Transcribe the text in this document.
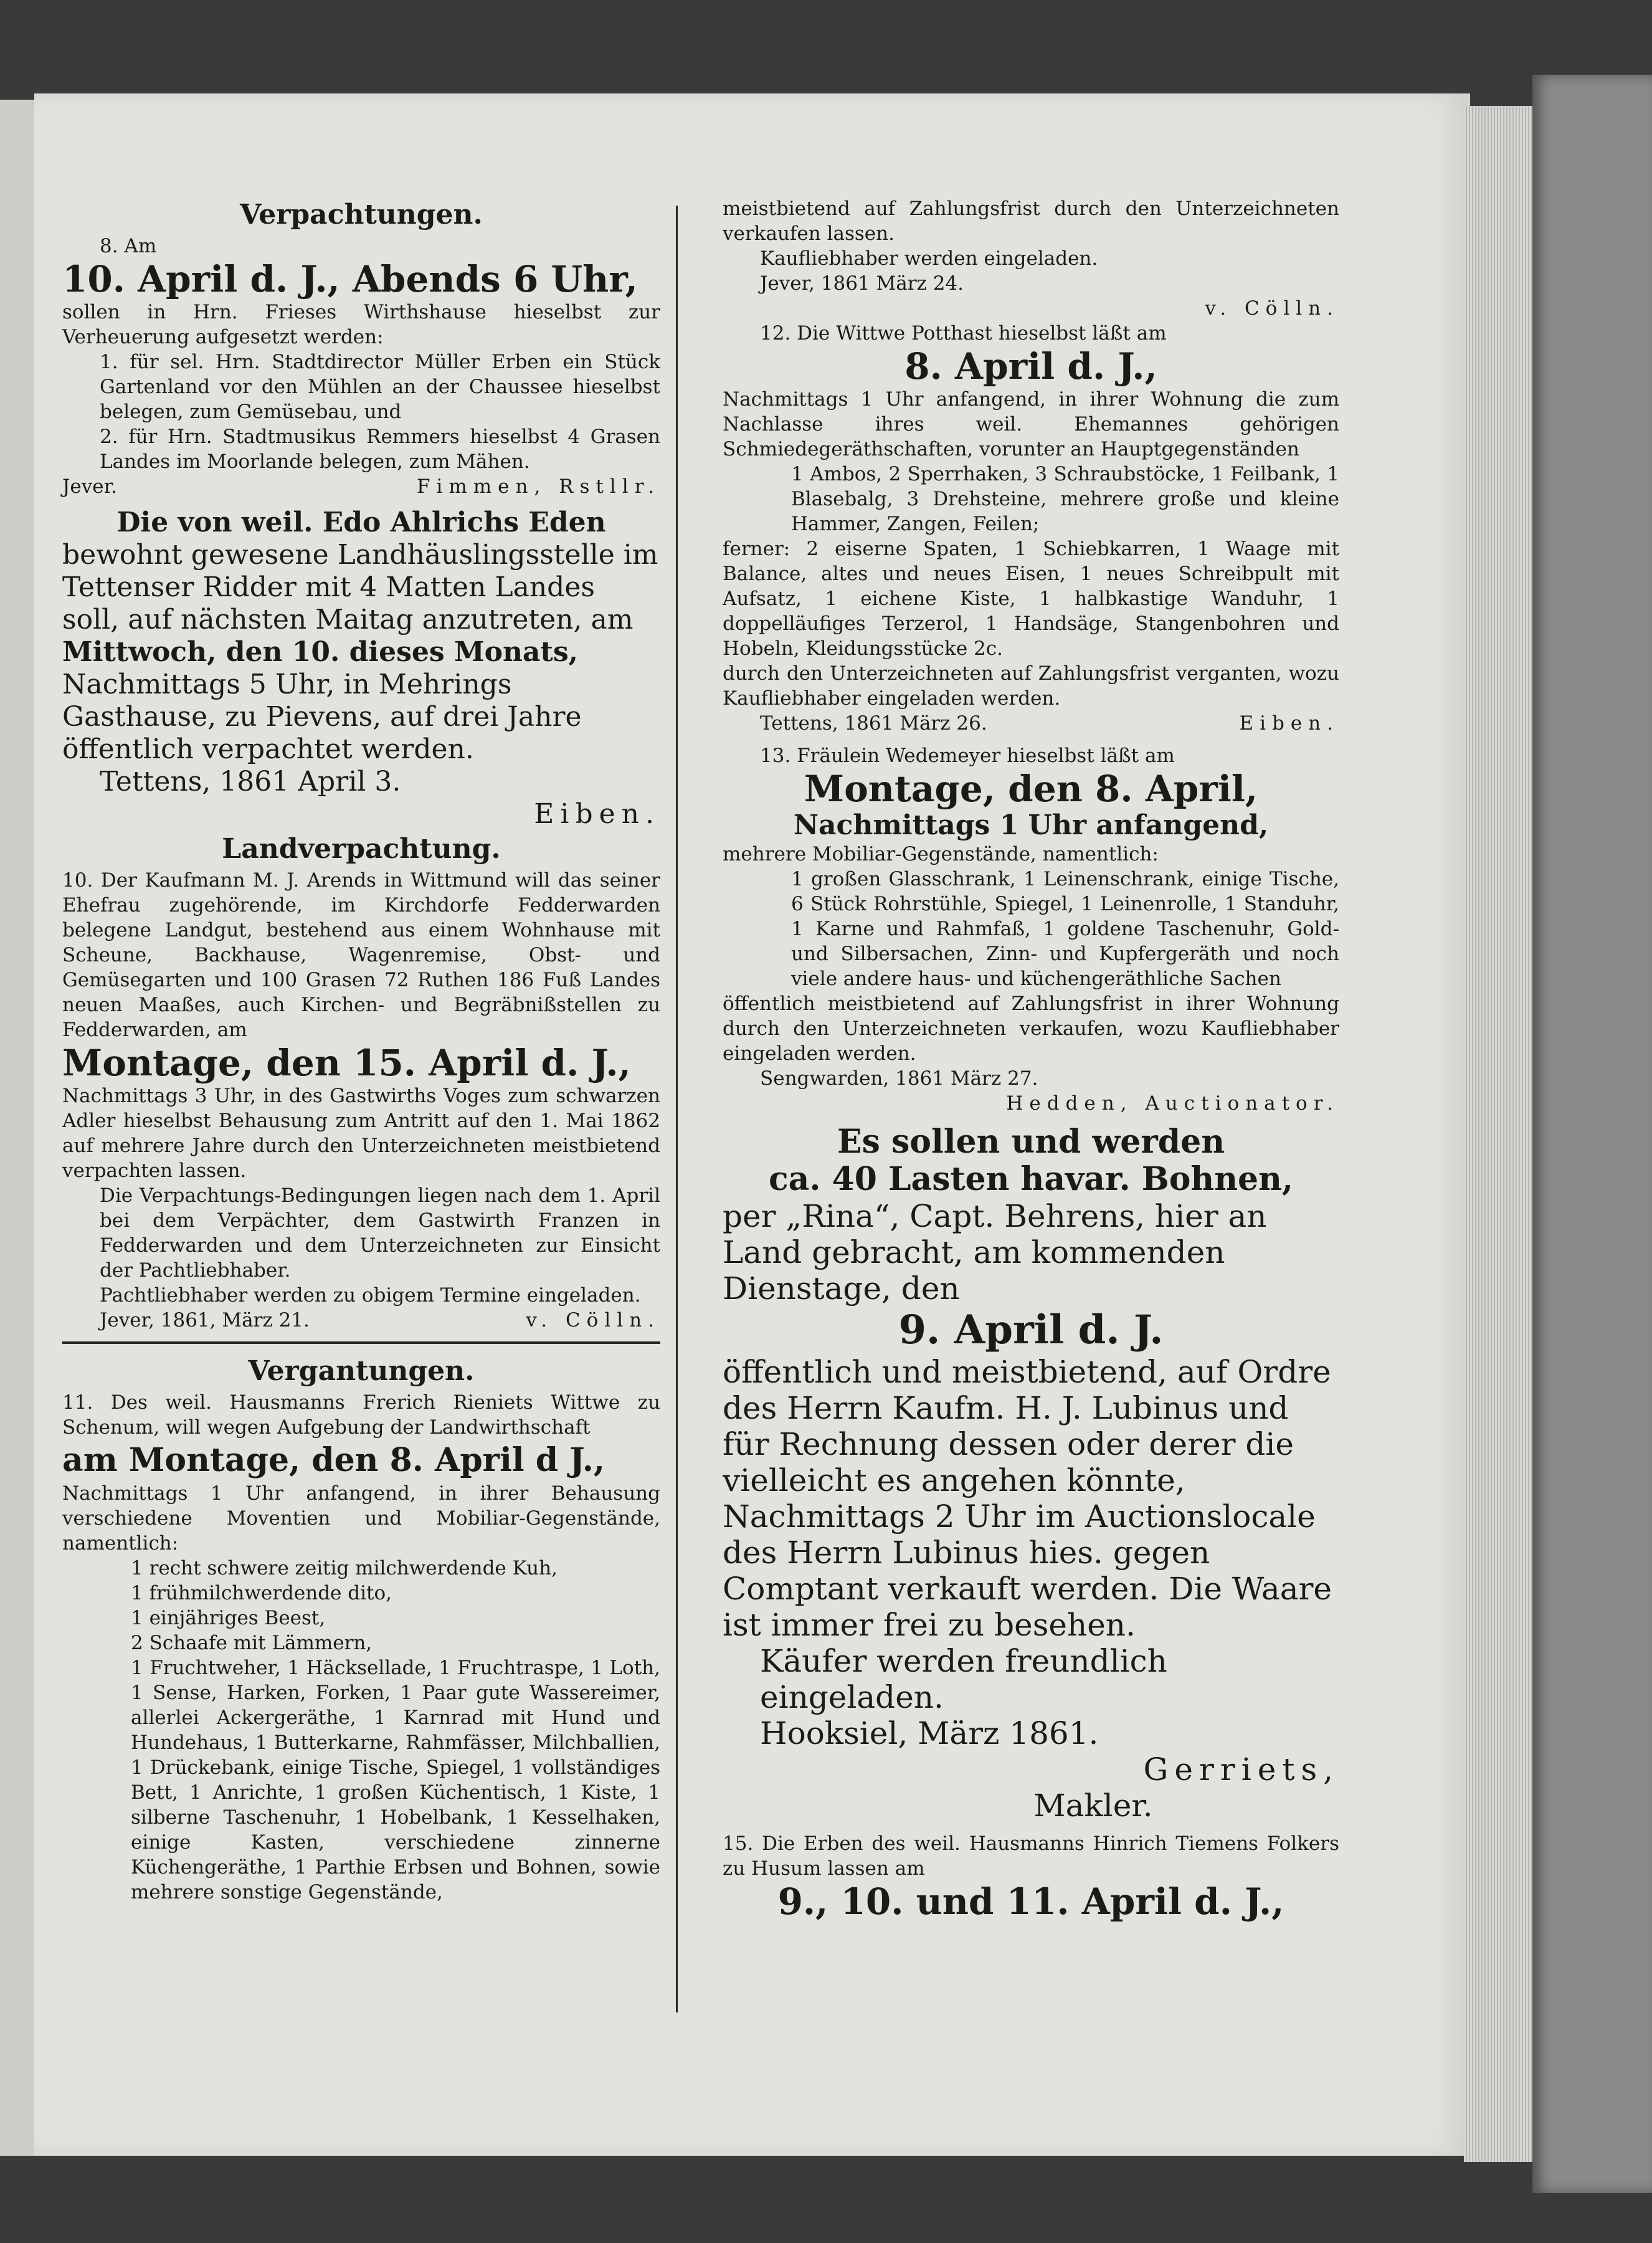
Verpachtungen.

8. Am

10. April d. J., Abends 6 Uhr,

sollen in Hrn. Frieses Wirthshause hieselbst zur Verheuerung aufgesetzt werden:

1. für sel. Hrn. Stadtdirector Müller Erben ein Stück Gartenland vor den Mühlen an der Chaussee hieselbst belegen, zum Gemüsebau, und

2. für Hrn. Stadtmusikus Remmers hieselbst 4 Grasen Landes im Moorlande belegen, zum Mähen.

Jever.	Fimmen, Rstllr.

Die von weil. Edo Ahlrichs Eden

bewohnt gewesene Landhäuslingsstelle im Tettenser Ridder mit 4 Matten Landes soll, auf nächsten Maitag anzutreten, am

Mittwoch, den 10. dieses Monats,

Nachmittags 5 Uhr, in Mehrings Gasthause, zu Pievens, auf drei Jahre öffentlich verpachtet werden.

Tettens, 1861 April 3.

Eiben.

Landverpachtung.

10. Der Kaufmann M. J. Arends in Wittmund will das seiner Ehefrau zugehörende, im Kirchdorfe Fedderwarden belegene Landgut, bestehend aus einem Wohnhause mit Scheune, Backhause, Wagenremise, Obst- und Gemüsegarten und 100 Grasen 72 Ruthen 186 Fuß Landes neuen Maaßes, auch Kirchen- und Begräbnißstellen zu Fedderwarden, am

Montage, den 15. April d. J.,

Nachmittags 3 Uhr, in des Gastwirths Voges zum schwarzen Adler hieselbst Behausung zum Antritt auf den 1. Mai 1862 auf mehrere Jahre durch den Unterzeichneten meistbietend verpachten lassen.

Die Verpachtungs-Bedingungen liegen nach dem 1. April bei dem Verpächter, dem Gastwirth Franzen in Fedderwarden und dem Unterzeichneten zur Einsicht der Pachtliebhaber.

Pachtliebhaber werden zu obigem Termine eingeladen.

Jever, 1861, März 21.	v. Cölln.

Vergantungen.

11. Des weil. Hausmanns Frerich Rieniets Wittwe zu Schenum, will wegen Aufgebung der Landwirthschaft

am Montage, den 8. April d J.,

Nachmittags 1 Uhr anfangend, in ihrer Behausung verschiedene Moventien und Mobiliar-Gegenstände, namentlich:

1 recht schwere zeitig milchwerdende Kuh,

1 frühmilchwerdende dito,

1 einjähriges Beest,

2 Schaafe mit Lämmern,

1 Fruchtweher, 1 Häcksellade, 1 Fruchtraspe, 1 Loth, 1 Sense, Harken, Forken, 1 Paar gute Wassereimer, allerlei Ackergeräthe, 1 Karnrad mit Hund und Hundehaus, 1 Butterkarne, Rahmfässer, Milchballien, 1 Drückebank, einige Tische, Spiegel, 1 vollständiges Bett, 1 Anrichte, 1 großen Küchentisch, 1 Kiste, 1 silberne Taschenuhr, 1 Hobelbank, 1 Kesselhaken, einige Kasten, verschiedene zinnerne Küchengeräthe, 1 Parthie Erbsen und Bohnen, sowie mehrere sonstige Gegenstände,

meistbietend auf Zahlungsfrist durch den Unterzeichneten verkaufen lassen.

Kaufliebhaber werden eingeladen.

Jever, 1861 März 24.

v. Cölln.

12. Die Wittwe Potthast hieselbst läßt am

8. April d. J.,

Nachmittags 1 Uhr anfangend, in ihrer Wohnung die zum Nachlasse ihres weil. Ehemannes gehörigen Schmiedegeräthschaften, vorunter an Hauptgegenständen

1 Ambos, 2 Sperrhaken, 3 Schraubstöcke, 1 Feilbank, 1 Blasebalg, 3 Drehsteine, mehrere große und kleine Hammer, Zangen, Feilen;

ferner: 2 eiserne Spaten, 1 Schiebkarren, 1 Waage mit Balance, altes und neues Eisen, 1 neues Schreibpult mit Aufsatz, 1 eichene Kiste, 1 halbkastige Wanduhr, 1 doppelläufiges Terzerol, 1 Handsäge, Stangenbohren und Hobeln, Kleidungsstücke 2c.

durch den Unterzeichneten auf Zahlungsfrist verganten, wozu Kaufliebhaber eingeladen werden.

Tettens, 1861 März 26.	Eiben.

13. Fräulein Wedemeyer hieselbst läßt am

Montage, den 8. April,

Nachmittags 1 Uhr anfangend,

mehrere Mobiliar-Gegenstände, namentlich:

1 großen Glasschrank, 1 Leinenschrank, einige Tische, 6 Stück Rohrstühle, Spiegel, 1 Leinenrolle, 1 Standuhr, 1 Karne und Rahmfaß, 1 goldene Taschenuhr, Gold- und Silbersachen, Zinn- und Kupfergeräth und noch viele andere haus- und küchengeräthliche Sachen

öffentlich meistbietend auf Zahlungsfrist in ihrer Wohnung durch den Unterzeichneten verkaufen, wozu Kaufliebhaber eingeladen werden.

Sengwarden, 1861 März 27.

Hedden, Auctionator.

Es sollen und werden

ca. 40 Lasten havar. Bohnen,

per „Rina“, Capt. Behrens, hier an Land gebracht, am kommenden Dienstage, den

9. April d. J.

öffentlich und meistbietend, auf Ordre des Herrn Kaufm. H. J. Lubinus und für Rechnung dessen oder derer die vielleicht es angehen könnte, Nachmittags 2 Uhr im Auctionslocale des Herrn Lubinus hies. gegen Comptant verkauft werden. Die Waare ist immer frei zu besehen.

Käufer werden freundlich eingeladen.

Hooksiel, März 1861.

Gerriets,

Makler.

15. Die Erben des weil. Hausmanns Hinrich Tiemens Folkers zu Husum lassen am

9., 10. und 11. April d. J.,
